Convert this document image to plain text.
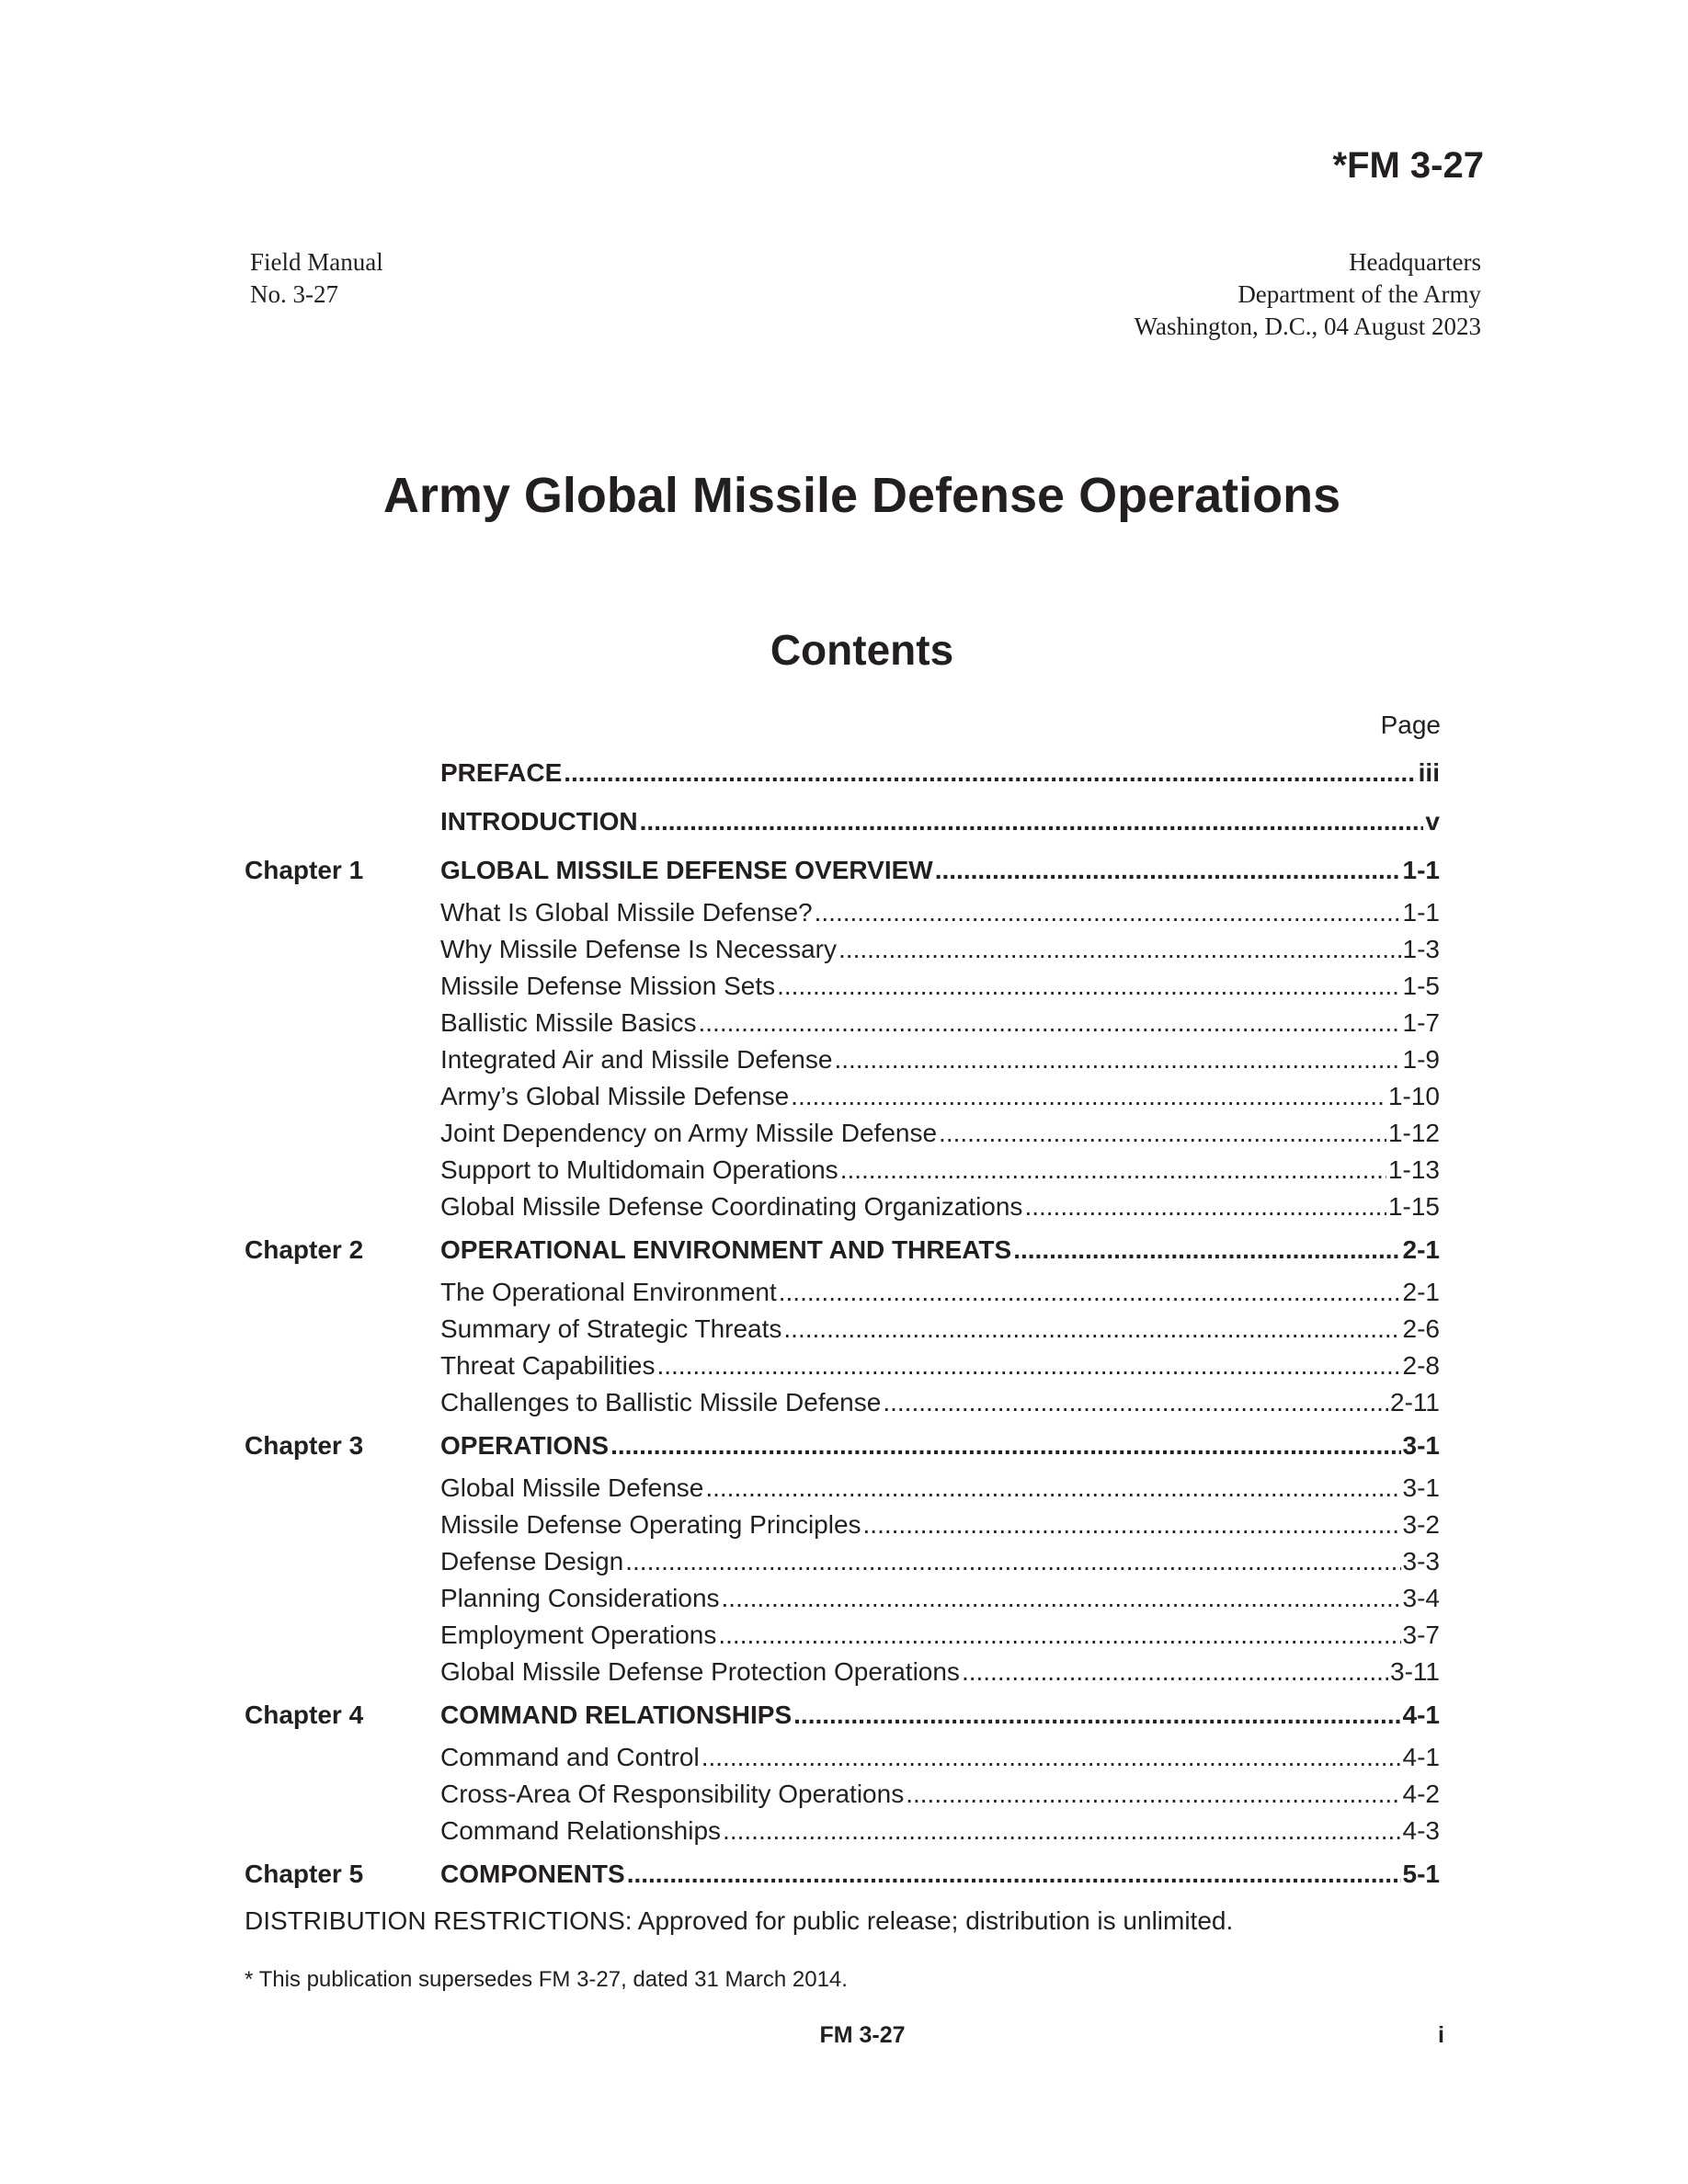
*FM 3-27
Field Manual
No. 3-27
Headquarters
Department of the Army
Washington, D.C., 04 August 2023
Army Global Missile Defense Operations
Contents
Page
PREFACE .....	iii
INTRODUCTION .....	v
Chapter 1	GLOBAL MISSILE DEFENSE OVERVIEW .....	1-1
What Is Global Missile Defense? .....	1-1
Why Missile Defense Is Necessary .....	1-3
Missile Defense Mission Sets .....	1-5
Ballistic Missile Basics .....	1-7
Integrated Air and Missile Defense .....	1-9
Army’s Global Missile Defense .....	1-10
Joint Dependency on Army Missile Defense .....	1-12
Support to Multidomain Operations .....	1-13
Global Missile Defense Coordinating Organizations .....	1-15
Chapter 2	OPERATIONAL ENVIRONMENT AND THREATS .....	2-1
The Operational Environment .....	2-1
Summary of Strategic Threats .....	2-6
Threat Capabilities .....	2-8
Challenges to Ballistic Missile Defense .....	2-11
Chapter 3	OPERATIONS .....	3-1
Global Missile Defense .....	3-1
Missile Defense Operating Principles .....	3-2
Defense Design .....	3-3
Planning Considerations .....	3-4
Employment Operations .....	3-7
Global Missile Defense Protection Operations .....	3-11
Chapter 4	COMMAND RELATIONSHIPS .....	4-1
Command and Control .....	4-1
Cross-Area Of Responsibility Operations .....	4-2
Command Relationships .....	4-3
Chapter 5	COMPONENTS .....	5-1
DISTRIBUTION RESTRICTIONS: Approved for public release; distribution is unlimited.
* This publication supersedes FM 3-27, dated 31 March 2014.
FM 3-27	i
